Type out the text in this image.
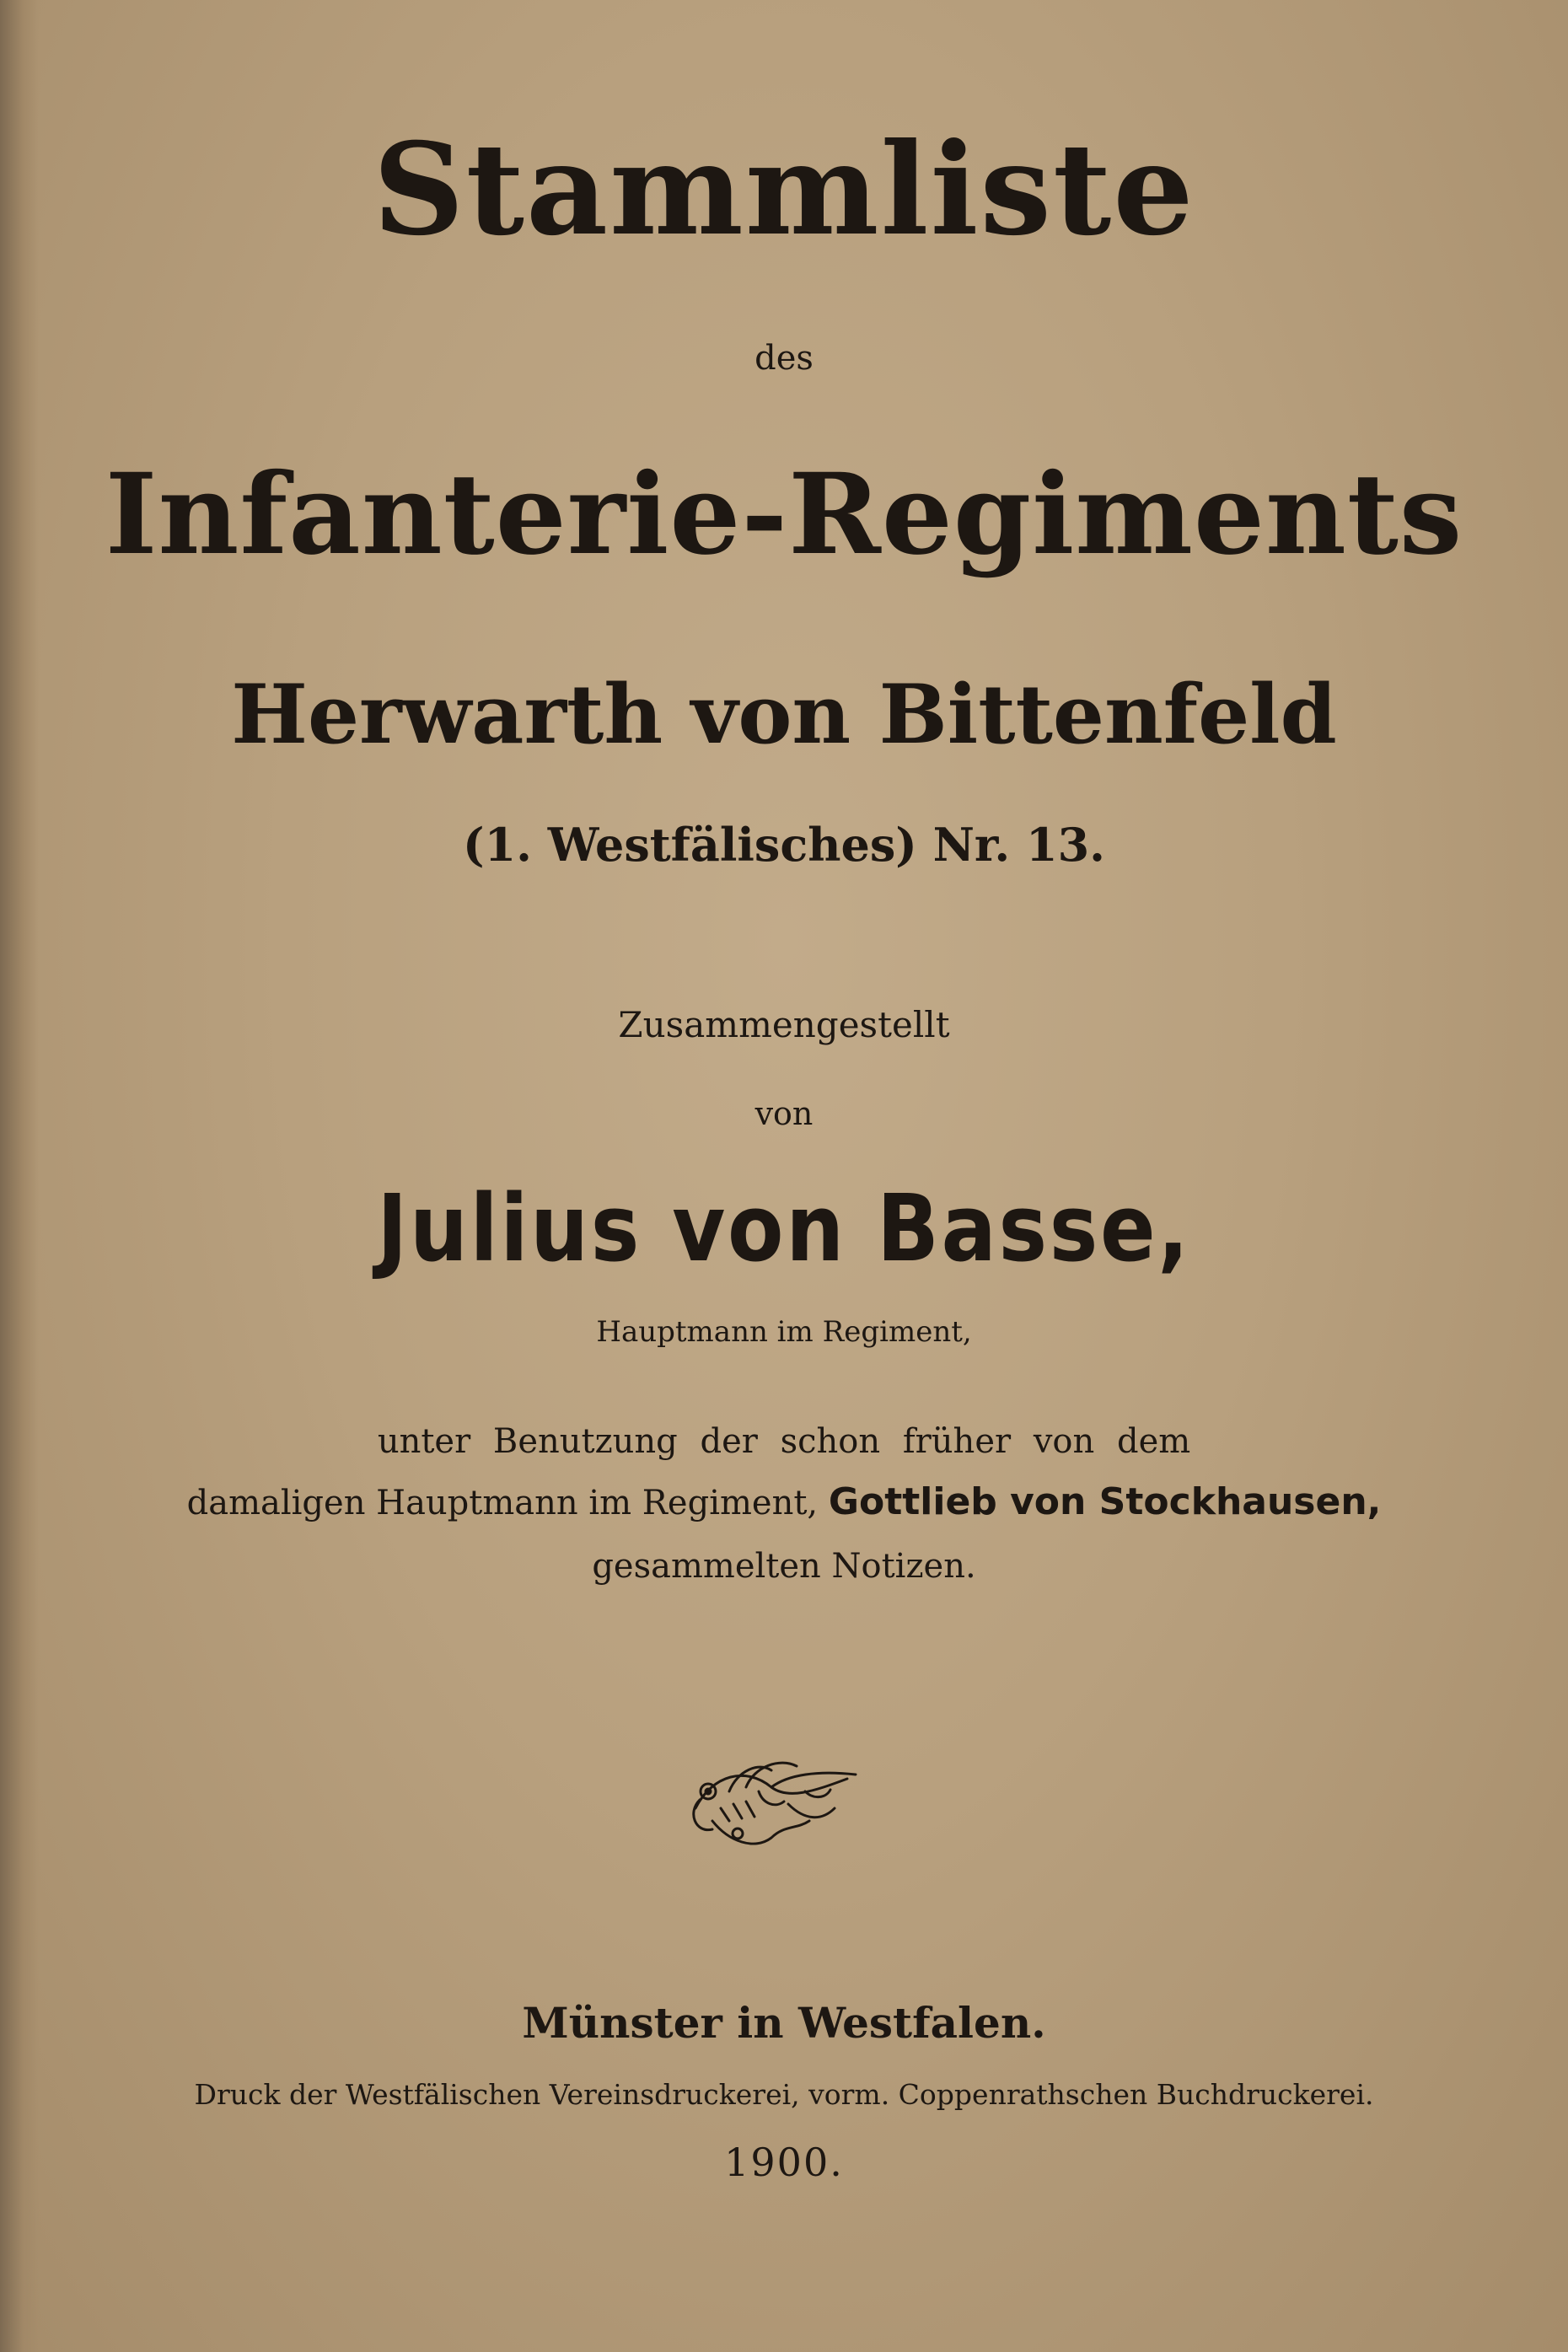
Stammliste
des
Infanterie-Regiments
Herwarth von Bittenfeld
(1. Westfälisches) Nr. 13.
Zusammengestellt
von
Julius von Basse,
Hauptmann im Regiment,
unter Benutzung der schon früher von dem
damaligen Hauptmann im Regiment, Gottlieb von Stockhausen,
gesammelten Notizen.
Münster in Westfalen.
Druck der Westfälischen Vereinsdruckerei, vorm. Coppenrathschen Buchdruckerei.
1900.
